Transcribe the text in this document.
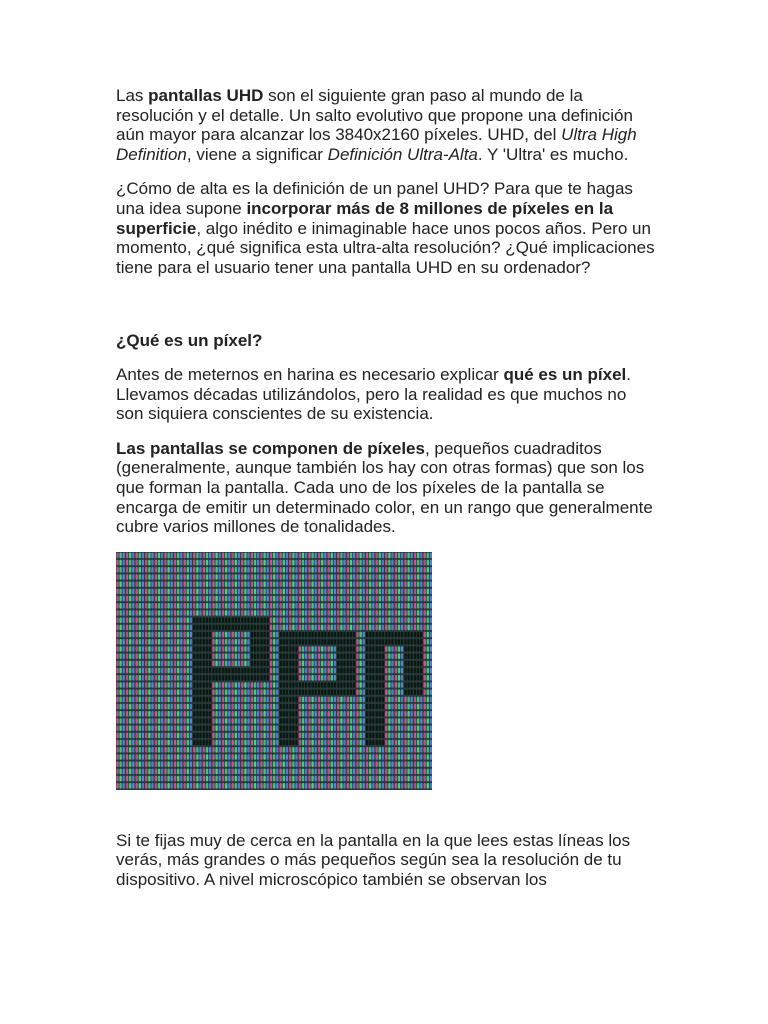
Las pantallas UHD son el siguiente gran paso al mundo de la resolución y el detalle. Un salto evolutivo que propone una definición aún mayor para alcanzar los 3840x2160 píxeles. UHD, del Ultra High Definition, viene a significar Definición Ultra-Alta. Y 'Ultra' es mucho.

¿Cómo de alta es la definición de un panel UHD? Para que te hagas una idea supone incorporar más de 8 millones de píxeles en la superficie, algo inédito e inimaginable hace unos pocos años. Pero un momento, ¿qué significa esta ultra-alta resolución? ¿Qué implicaciones tiene para el usuario tener una pantalla UHD en su ordenador?

¿Qué es un píxel?

Antes de meternos en harina es necesario explicar qué es un píxel. Llevamos décadas utilizándolos, pero la realidad es que muchos no son siquiera conscientes de su existencia.

Las pantallas se componen de píxeles, pequeños cuadraditos (generalmente, aunque también los hay con otras formas) que son los que forman la pantalla. Cada uno de los píxeles de la pantalla se encarga de emitir un determinado color, en un rango que generalmente cubre varios millones de tonalidades.

Si te fijas muy de cerca en la pantalla en la que lees estas líneas los verás, más grandes o más pequeños según sea la resolución de tu dispositivo. A nivel microscópico también se observan los
